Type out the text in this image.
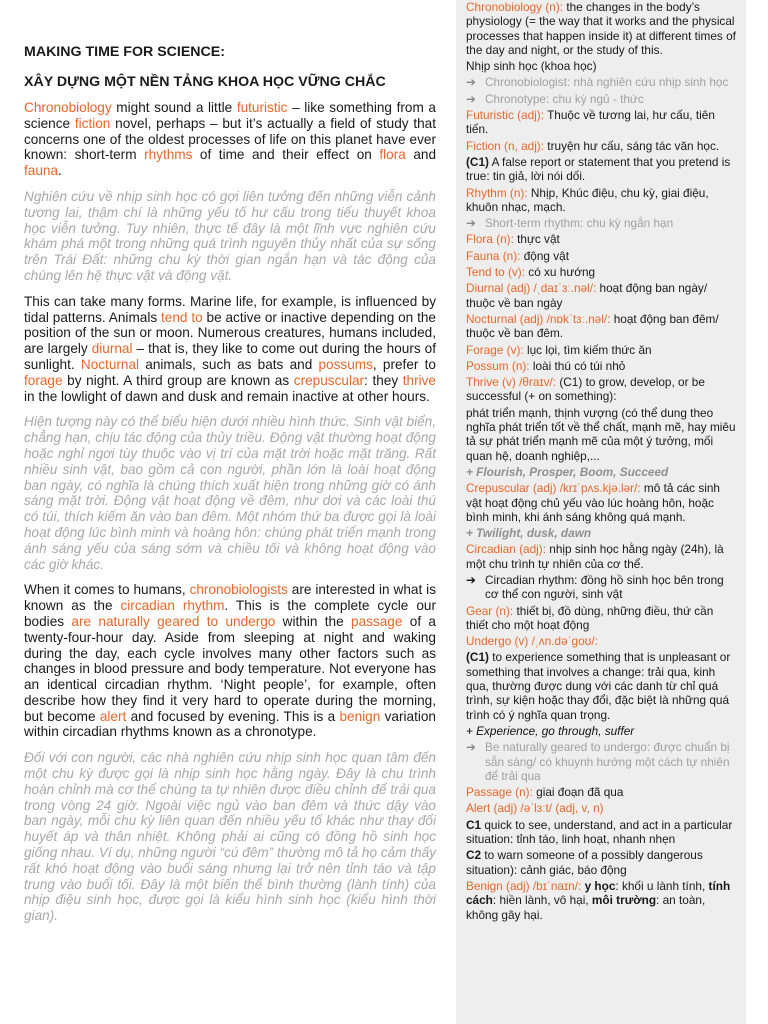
MAKING TIME FOR SCIENCE:
XÂY DỰNG MỘT NỀN TẢNG KHOA HỌC VỮNG CHẮC

Chronobiology might sound a little futuristic – like something from a science fiction novel, perhaps – but it’s actually a field of study that concerns one of the oldest processes of life on this planet have ever known: short-term rhythms of time and their effect on flora and fauna.

Nghiên cứu về nhịp sinh học có gợi liên tưởng đến những viễn cảnh tương lai, thậm chí là những yếu tố hư cấu trong tiểu thuyết khoa học viễn tưởng. Tuy nhiên, thực tế đây là một lĩnh vực nghiên cứu khám phá một trong những quá trình nguyên thủy nhất của sự sống trên Trái Đất: những chu kỳ thời gian ngắn hạn và tác động của chúng lên hệ thực vật và động vật.

This can take many forms. Marine life, for example, is influenced by tidal patterns. Animals tend to be active or inactive depending on the position of the sun or moon. Numerous creatures, humans included, are largely diurnal – that is, they like to come out during the hours of sunlight. Nocturnal animals, such as bats and possums, prefer to forage by night. A third group are known as crepuscular: they thrive in the lowlight of dawn and dusk and remain inactive at other hours.

Hiện tượng này có thể biểu hiện dưới nhiều hình thức. Sinh vật biển, chẳng hạn, chịu tác động của thủy triều. Động vật thường hoạt động hoặc nghỉ ngơi tùy thuộc vào vị trí của mặt trời hoặc mặt trăng. Rất nhiều sinh vật, bao gồm cả con người, phần lớn là loài hoạt động ban ngày, có nghĩa là chúng thích xuất hiện trong những giờ có ánh sáng mặt trời. Động vật hoạt động về đêm, như dơi và các loài thú có túi, thích kiếm ăn vào ban đêm. Một nhóm thứ ba được gọi là loài hoạt động lúc bình minh và hoàng hôn: chúng phát triển mạnh trong ánh sáng yếu của sáng sớm và chiều tối và không hoạt động vào các giờ khác.

When it comes to humans, chronobiologists are interested in what is known as the circadian rhythm. This is the complete cycle our bodies are naturally geared to undergo within the passage of a twenty-four-hour day. Aside from sleeping at night and waking during the day, each cycle involves many other factors such as changes in blood pressure and body temperature. Not everyone has an identical circadian rhythm. ‘Night people’, for example, often describe how they find it very hard to operate during the morning, but become alert and focused by evening. This is a benign variation within circadian rhythms known as a chronotype.

Đối với con người, các nhà nghiên cứu nhịp sinh học quan tâm đến một chu kỳ được gọi là nhịp sinh học hằng ngày. Đây là chu trình hoàn chỉnh mà cơ thể chúng ta tự nhiên được điều chỉnh để trải qua trong vòng 24 giờ. Ngoài việc ngủ vào ban đêm và thức dậy vào ban ngày, mỗi chu kỳ liên quan đến nhiều yếu tố khác như thay đổi huyết áp và thân nhiệt. Không phải ai cũng có đồng hồ sinh học giống nhau. Ví dụ, những người “cú đêm” thường mô tả họ cảm thấy rất khó hoạt động vào buổi sáng nhưng lại trở nên tỉnh táo và tập trung vào buổi tối. Đây là một biến thể bình thường (lành tính) của nhịp điệu sinh học, được gọi là kiểu hình sinh học (kiểu hình thời gian).

Chronobiology (n): the changes in the body’s physiology (= the way that it works and the physical processes that happen inside it) at different times of the day and night, or the study of this.
Nhịp sinh học (khoa học)
➔ Chronobiologist: nhà nghiên cứu nhịp sinh học
➔ Chronotype: chu kỳ ngủ - thức
Futuristic (adj): Thuộc về tương lai, hư cấu, tiên tiến.
Fiction (n, adj): truyện hư cấu, sáng tác văn học.
(C1) A false report or statement that you pretend is true: tin giả, lời nói dối.
Rhythm (n): Nhịp, Khúc điệu, chu kỳ, giai điệu, khuôn nhạc, mạch.
➔ Short-term rhythm: chu kỳ ngắn hạn
Flora (n): thực vật
Fauna (n): động vật
Tend to (v): có xu hướng
Diurnal (adj) /ˌdaɪˈɜː.nəl/: hoạt động ban ngày/ thuộc về ban ngày
Nocturnal (adj) /nɒkˈtɜː.nəl/: hoạt động ban đêm/ thuộc về ban đêm.
Forage (v): lục lọi, tìm kiếm thức ăn
Possum (n): loài thú có túi nhỏ
Thrive (v) /θraɪv/: (C1) to grow, develop, or be successful (+ on something):
phát triển mạnh, thịnh vượng (có thể dung theo nghĩa phát triển tốt về thể chất, mạnh mẽ, hay miêu tả sự phát triển mạnh mẽ của một ý tưởng, mối quan hệ, doanh nghiệp,...
+ Flourish, Prosper, Boom, Succeed
Crepuscular (adj) /krɪˈpʌs.kjə.lər/: mô tả các sinh vật hoạt động chủ yếu vào lúc hoàng hôn, hoặc bình minh, khi ánh sáng không quá mạnh.
+ Twilight, dusk, dawn
Circadian (adj): nhịp sinh học hằng ngày (24h), là một chu trình tự nhiên của cơ thể.
➔ Circadian rhythm: đồng hồ sinh học bên trong cơ thể con người, sinh vật
Gear (n): thiết bị, đồ dùng, những điều, thứ cần thiết cho một hoạt động
Undergo (v) /ˌʌn.dəˈɡoʊ/:
(C1) to experience something that is unpleasant or something that involves a change: trải qua, kinh qua, thường được dung với các danh từ chỉ quá trình, sự kiện hoặc thay đổi, đặc biệt là những quá trình có ý nghĩa quan trọng.
+ Experience, go through, suffer
➔ Be naturally geared to undergo: được chuẩn bị sẵn sàng/ có khuynh hướng một cách tự nhiên để trải qua
Passage (n): giai đoạn đã qua
Alert (adj) /əˈlɜːt/ (adj, v, n)
C1 quick to see, understand, and act in a particular situation: tỉnh táo, linh hoạt, nhanh nhẹn
C2 to warn someone of a possibly dangerous situation): cảnh giác, báo động
Benign (adj) /bɪˈnaɪn/: y học: khối u lành tính, tính cách: hiền lành, vô hại, môi trường: an toàn, không gây hại.
